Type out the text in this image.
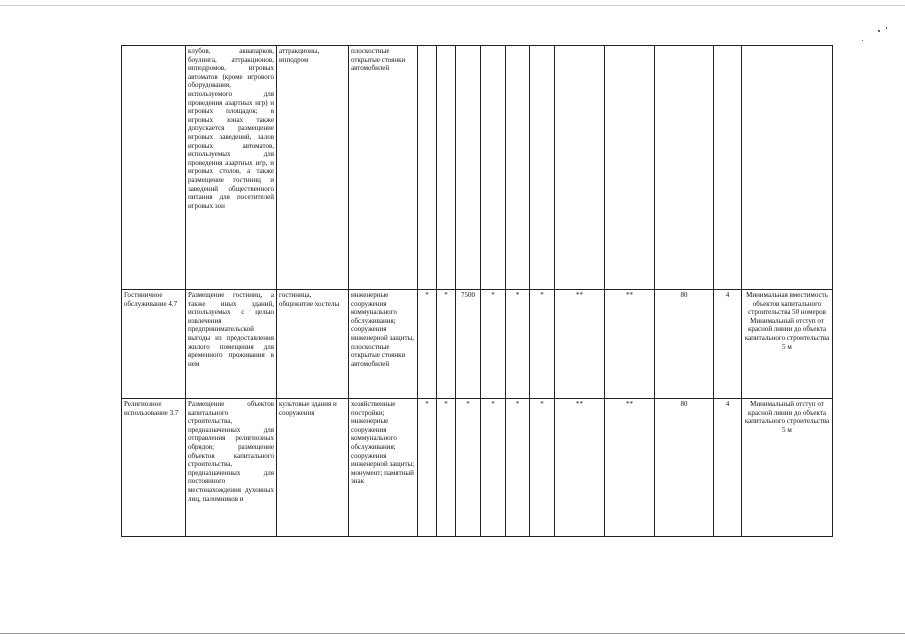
	клубов, аквапарков, боулинга, аттракционов, ипподромов, игровых автоматов (кроме игрового оборудования, используемого для проведения азартных игр) и игровых площадок; в игровых зонах также допускается размещение игровых заведений, залов игровых автоматов, используемых для проведения азартных игр, и игровых столов, а также размещение гостиниц и заведений общественного питания для посетителей игровых зон	аттракционы, ипподром	плоскостные открытые стоянки автомобилей											
Гостиничное обслуживание 4.7	Размещение гостиниц, а также иных зданий, используемых с целью извлечения предпринимательской выгоды из предоставления жилого помещения для временного проживания в нем	гостиница, общежитие хостелы	инженерные сооружения коммунального обслуживания; сооружения инженерной защиты, плоскостные открытые стоянки автомобилей	*	*	7500	*	*	*	**	**	80	4	Минимальная вместимость объектов капитального строительства 50 номеров Минимальный отступ от красной линии до объекта капитального строительства 5 м
Религиозное использование 3.7	Размещение объектов капитального строительства, предназначенных для отправления религиозных обрядов; размещение объектов капитального строительства, предназначенных для постоянного местонахождения духовных лиц, паломников и	культовые здания и сооружения	хозяйственные постройки; инженерные сооружения коммунального обслуживания; сооружения инженерной защиты; монумент; памятный знак	*	*	*	*	*	*	**	**	80	4	Минимальный отступ от красной линии до объекта капитального строительства 5 м
